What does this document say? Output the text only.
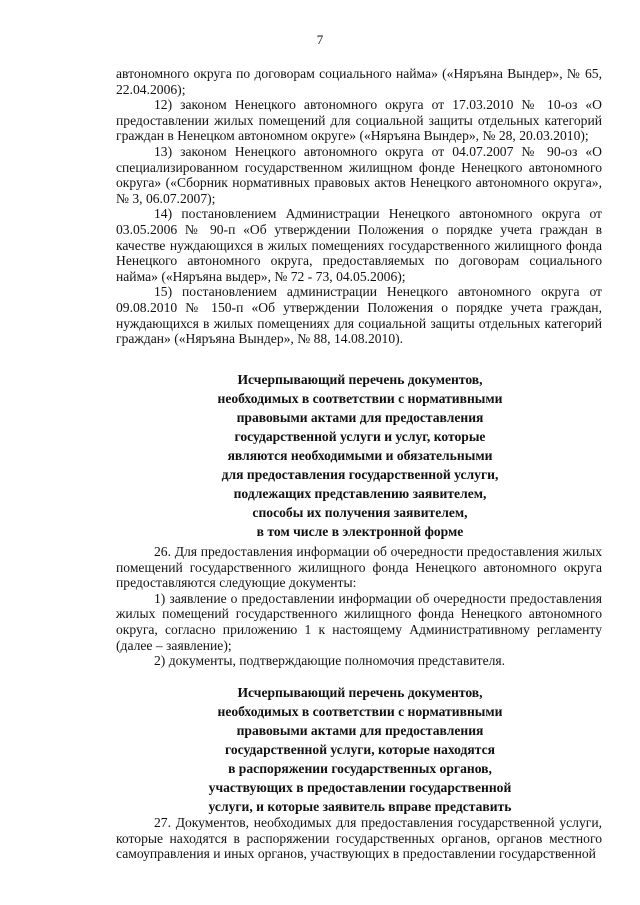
7

автономного округа по договорам социального найма» («Няръяна Вындер», № 65, 22.04.2006);

12) законом Ненецкого автономного округа от 17.03.2010 № 10-оз «О предоставлении жилых помещений для социальной защиты отдельных категорий граждан в Ненецком автономном округе» («Няръяна Вындер», № 28, 20.03.2010);

13) законом Ненецкого автономного округа от 04.07.2007 № 90-оз «О специализированном государственном жилищном фонде Ненецкого автономного округа» («Сборник нормативных правовых актов Ненецкого автономного округа», № 3, 06.07.2007);

14) постановлением Администрации Ненецкого автономного округа от 03.05.2006 № 90-п «Об утверждении Положения о порядке учета граждан в качестве нуждающихся в жилых помещениях государственного жилищного фонда Ненецкого автономного округа, предоставляемых по договорам социального найма» («Няръяна выдер», № 72 - 73, 04.05.2006);

15) постановлением администрации Ненецкого автономного округа от 09.08.2010 № 150-п «Об утверждении Положения о порядке учета граждан, нуждающихся в жилых помещениях для социальной защиты отдельных категорий граждан» («Няръяна Вындер», № 88, 14.08.2010).

Исчерпывающий перечень документов,
необходимых в соответствии с нормативными
правовыми актами для предоставления
государственной услуги и услуг, которые
являются необходимыми и обязательными
для предоставления государственной услуги,
подлежащих представлению заявителем,
способы их получения заявителем,
в том числе в электронной форме

26. Для предоставления информации об очередности предоставления жилых помещений государственного жилищного фонда Ненецкого автономного округа предоставляются следующие документы:

1) заявление о предоставлении информации об очередности предоставления жилых помещений государственного жилищного фонда Ненецкого автономного округа, согласно приложению 1 к настоящему Административному регламенту (далее – заявление);

2) документы, подтверждающие полномочия представителя.

Исчерпывающий перечень документов,
необходимых в соответствии с нормативными
правовыми актами для предоставления
государственной услуги, которые находятся
в распоряжении государственных органов,
участвующих в предоставлении государственной
услуги, и которые заявитель вправе представить

27. Документов, необходимых для предоставления государственной услуги, которые находятся в распоряжении государственных органов, органов местного самоуправления и иных органов, участвующих в предоставлении государственной
